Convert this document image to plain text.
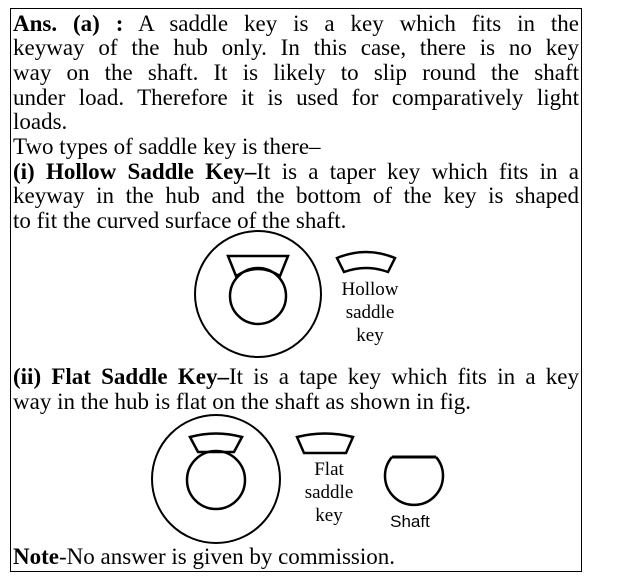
Ans. (a) : A saddle key is a key which fits in the
keyway of the hub only. In this case, there is no key
way on the shaft. It is likely to slip round the shaft
under load. Therefore it is used for comparatively light
loads.
Two types of saddle key is there–
(i) Hollow Saddle Key–It is a taper key which fits in a
keyway in the hub and the bottom of the key is shaped
to fit the curved surface of the shaft.
Hollow
saddle
key
(ii) Flat Saddle Key–It is a tape key which fits in a key
way in the hub is flat on the shaft as shown in fig.
Flat
saddle
key	Shaft
Note-No answer is given by commission.
